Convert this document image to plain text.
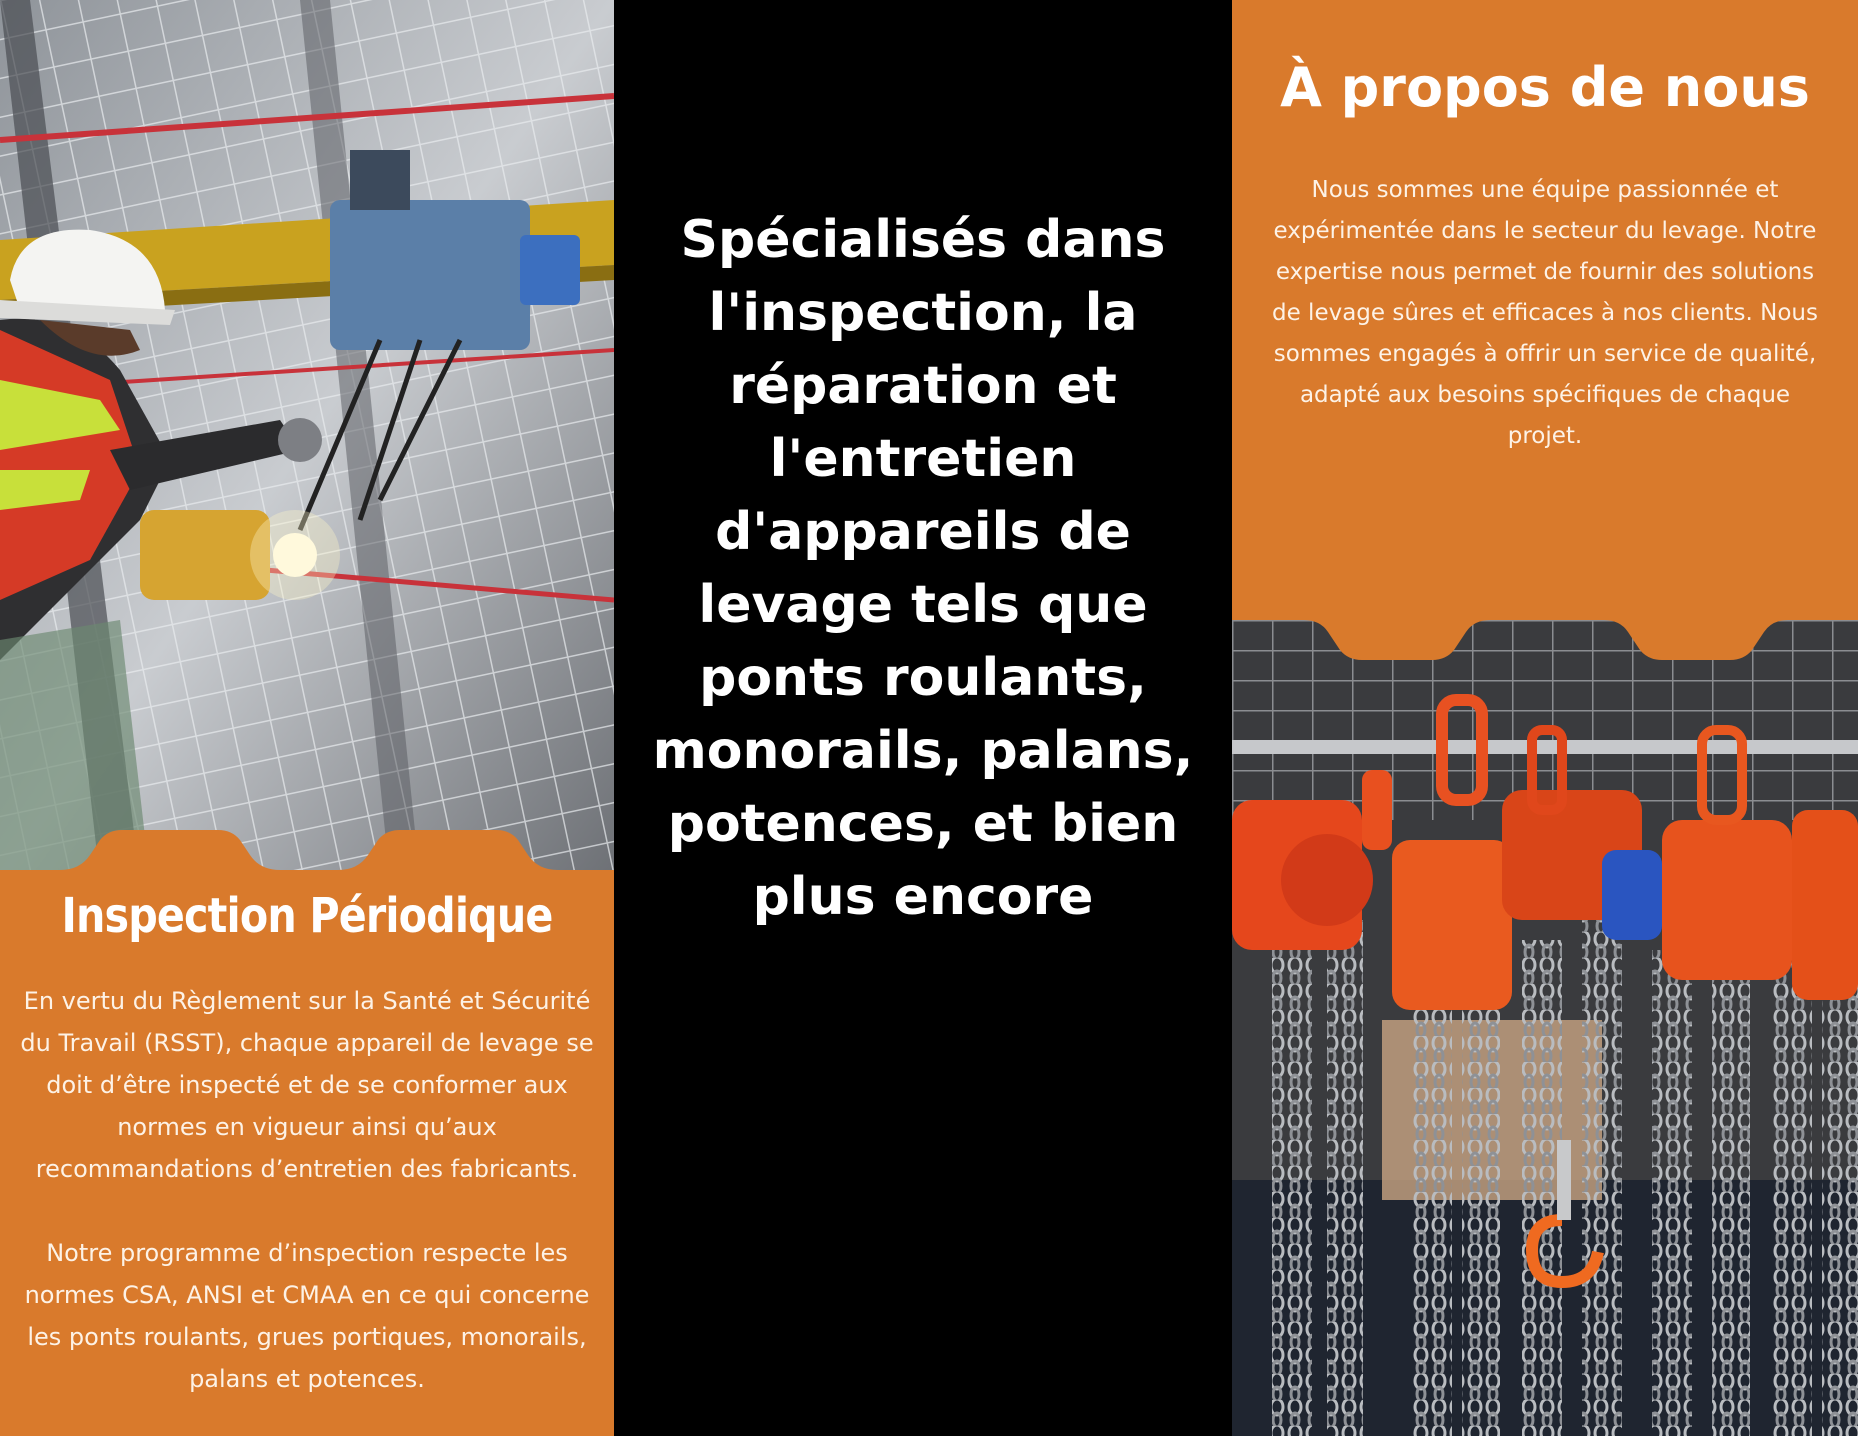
Inspection Périodique

En vertu du Règlement sur la Santé et Sécurité du Travail (RSST), chaque appareil de levage se doit d’être inspecté et de se conformer aux normes en vigueur ainsi qu’aux recommandations d’entretien des fabricants.

Notre programme d’inspection respecte les normes CSA, ANSI et CMAA en ce qui concerne les ponts roulants, grues portiques, monorails, palans et potences.

Spécialisés dans
l'inspection, la
réparation et
l'entretien
d'appareils de
levage tels que
ponts roulants,
monorails, palans,
potences, et bien
plus encore
À propos de nous

Nous sommes une équipe passionnée et expérimentée dans le secteur du levage. Notre expertise nous permet de fournir des solutions de levage sûres et efficaces à nos clients. Nous sommes engagés à offrir un service de qualité, adapté aux besoins spécifiques de chaque projet.
